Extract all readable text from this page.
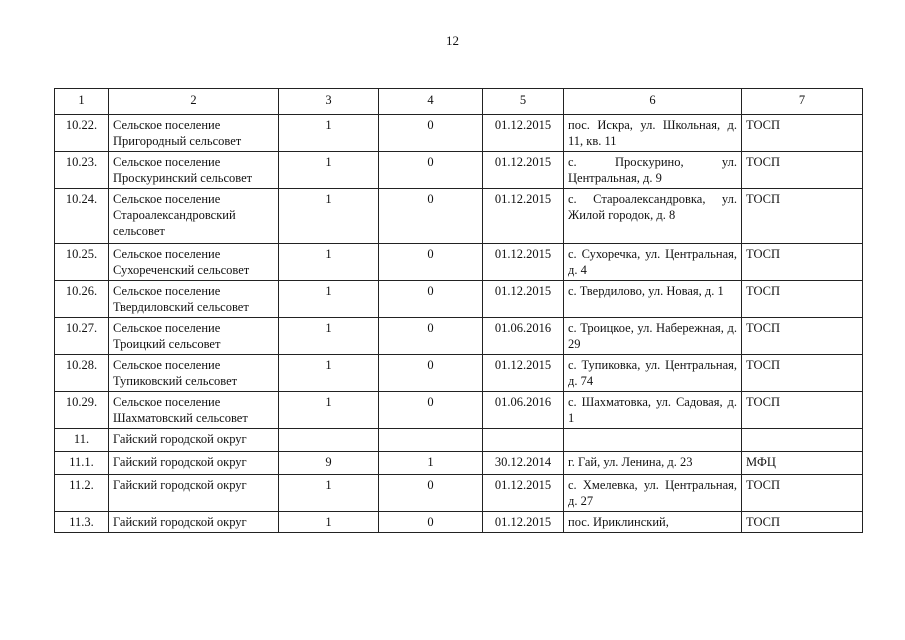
12
1	2	3	4	5	6	7
10.22.	Сельское поселение Пригородный сельсовет	1	0	01.12.2015	пос. Искра, ул. Школьная, д. 11, кв. 11	ТОСП
10.23.	Сельское поселение Проскуринский сельсовет	1	0	01.12.2015	с. Проскурино, ул. Центральная, д. 9	ТОСП
10.24.	Сельское поселение Староалександровский сельсовет	1	0	01.12.2015	с. Староалександровка, ул. Жилой городок, д. 8	ТОСП
10.25.	Сельское поселение Сухореченский сельсовет	1	0	01.12.2015	с. Сухоречка, ул. Центральная, д. 4	ТОСП
10.26.	Сельское поселение Твердиловский сельсовет	1	0	01.12.2015	с. Твердилово, ул. Новая, д. 1	ТОСП
10.27.	Сельское поселение Троицкий сельсовет	1	0	01.06.2016	с. Троицкое, ул. Набережная, д. 29	ТОСП
10.28.	Сельское поселение Тупиковский сельсовет	1	0	01.12.2015	с. Тупиковка, ул. Центральная, д. 74	ТОСП
10.29.	Сельское поселение Шахматовский сельсовет	1	0	01.06.2016	с. Шахматовка, ул. Садовая, д. 1	ТОСП
11.	Гайский городской округ					
11.1.	Гайский городской округ	9	1	30.12.2014	г. Гай, ул. Ленина, д. 23	МФЦ
11.2.	Гайский городской округ	1	0	01.12.2015	с. Хмелевка, ул. Центральная, д. 27	ТОСП
11.3.	Гайский городской округ	1	0	01.12.2015	пос. Ириклинский,	ТОСП
